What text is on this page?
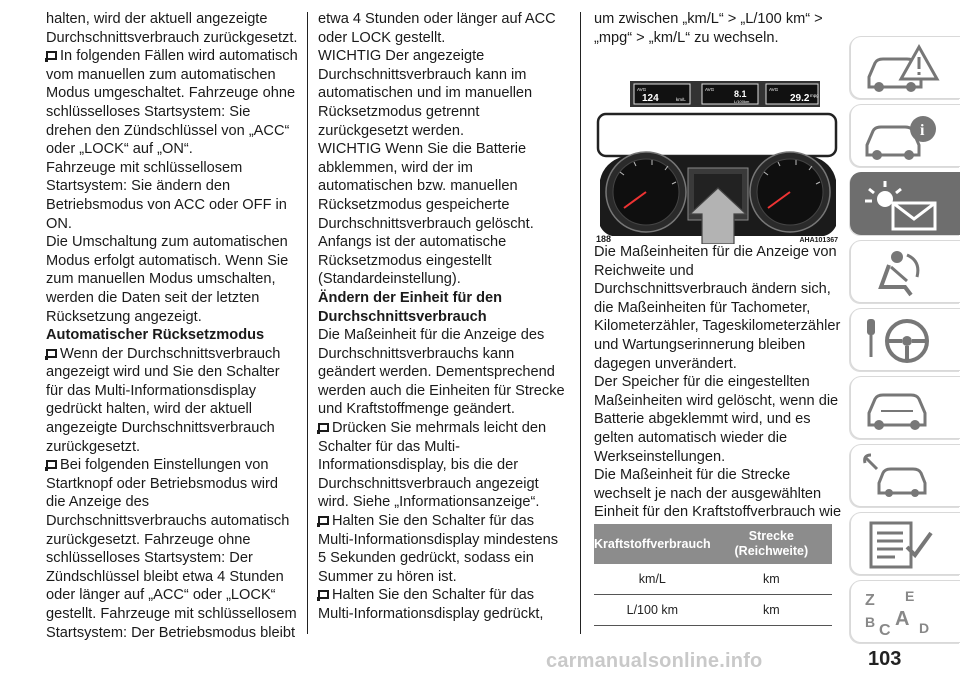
halten, wird der aktuell angezeigte Durchschnittsverbrauch zurückgesetzt.

In folgenden Fällen wird automatisch vom manuellen zum automatischen Modus umgeschaltet. Fahrzeuge ohne schlüsselloses Startsystem: Sie drehen den Zündschlüssel von „ACC“ oder „LOCK“ auf „ON“.

Fahrzeuge mit schlüssellosem Startsystem: Sie ändern den Betriebsmodus von ACC oder OFF in ON.

Die Umschaltung zum automatischen Modus erfolgt automatisch. Wenn Sie zum manuellen Modus umschalten, werden die Daten seit der letzten Rücksetzung angezeigt.

Automatischer Rücksetzmodus

Wenn der Durchschnittsverbrauch angezeigt wird und Sie den Schalter für das Multi-Informationsdisplay gedrückt halten, wird der aktuell angezeigte Durchschnittsverbrauch zurückgesetzt.

Bei folgenden Einstellungen von Startknopf oder Betriebsmodus wird die Anzeige des Durchschnittsverbrauchs automatisch zurückgesetzt. Fahrzeuge ohne schlüsselloses Startsystem: Der Zündschlüssel bleibt etwa 4 Stunden oder länger auf „ACC“ oder „LOCK“ gestellt. Fahrzeuge mit schlüssellosem Startsystem: Der Betriebsmodus bleibt

etwa 4 Stunden oder länger auf ACC oder LOCK gestellt.

WICHTIG Der angezeigte Durchschnittsverbrauch kann im automatischen und im manuellen Rücksetzmodus getrennt zurückgesetzt werden.

WICHTIG Wenn Sie die Batterie abklemmen, wird der im automatischen bzw. manuellen Rücksetzmodus gespeicherte Durchschnittsverbrauch gelöscht.

Anfangs ist der automatische Rücksetzmodus eingestellt (Standardeinstellung).

Ändern der Einheit für den Durchschnittsverbrauch

Die Maßeinheit für die Anzeige des Durchschnittsverbrauchs kann geändert werden. Dementsprechend werden auch die Einheiten für Strecke und Kraftstoffmenge geändert.

Drücken Sie mehrmals leicht den Schalter für das Multi-Informationsdisplay, bis die der Durchschnittsverbrauch angezeigt wird. Siehe „Informationsanzeige“.

Halten Sie den Schalter für das Multi-Informationsdisplay mindestens 5 Sekunden gedrückt, sodass ein Summer zu hören ist.

Halten Sie den Schalter für das Multi-Informationsdisplay gedrückt,

um zwischen „km/L“ > „L/100 km“ > „mpg“ > „km/L“ zu wechseln.

AVG
124	km/L
AVG 8.1
L/100km
AVG
29.2 mpg
188	AHA101367

Die Maßeinheiten für die Anzeige von Reichweite und Durchschnittsverbrauch ändern sich, die Maßeinheiten für Tachometer, Kilometerzähler, Tageskilometerzähler und Wartungserinnerung bleiben dagegen unverändert.

Der Speicher für die eingestellten Maßeinheiten wird gelöscht, wenn die Batterie abgeklemmt wird, und es gelten automatisch wieder die Werkseinstellungen.

Die Maßeinheit für die Strecke wechselt je nach der ausgewählten Einheit für den Kraftstoffverbrauch wie

Kraftstoffverbrauch	Strecke (Reichweite)
km/L	km
L/100 km	km
i
Z E
B C
A D
carmanualsonline.info	103
